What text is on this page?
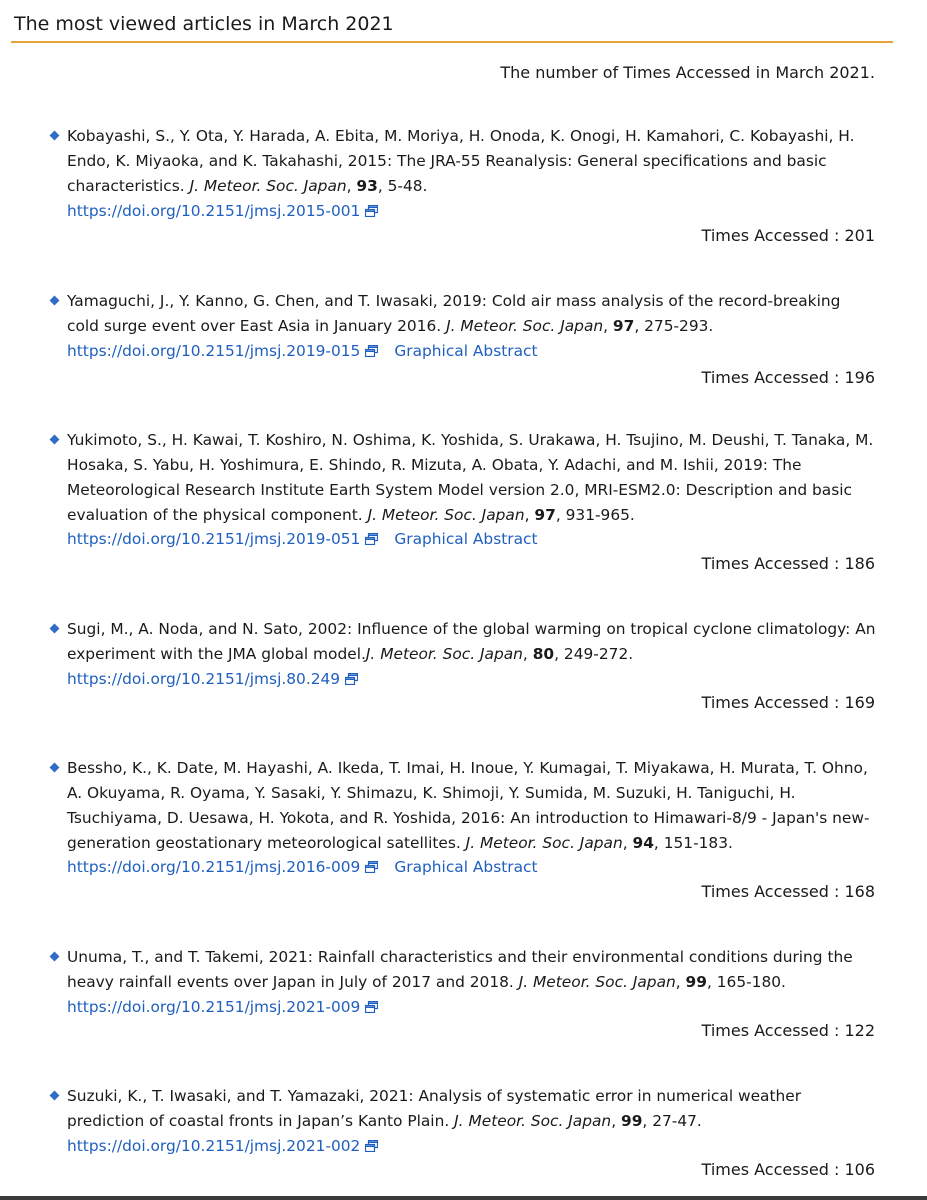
The most viewed articles in March 2021
The number of Times Accessed in March 2021.
Kobayashi, S., Y. Ota, Y. Harada, A. Ebita, M. Moriya, H. Onoda, K. Onogi, H. Kamahori, C. Kobayashi, H. Endo, K. Miyaoka, and K. Takahashi, 2015: The JRA-55 Reanalysis: General specifications and basic characteristics. J. Meteor. Soc. Japan, 93, 5-48.
https://doi.org/10.2151/jmsj.2015-001
Times Accessed : 201
Yamaguchi, J., Y. Kanno, G. Chen, and T. Iwasaki, 2019: Cold air mass analysis of the record-breaking cold surge event over East Asia in January 2016. J. Meteor. Soc. Japan, 97, 275-293.
https://doi.org/10.2151/jmsj.2019-015 Graphical Abstract
Times Accessed : 196
Yukimoto, S., H. Kawai, T. Koshiro, N. Oshima, K. Yoshida, S. Urakawa, H. Tsujino, M. Deushi, T. Tanaka, M. Hosaka, S. Yabu, H. Yoshimura, E. Shindo, R. Mizuta, A. Obata, Y. Adachi, and M. Ishii, 2019: The Meteorological Research Institute Earth System Model version 2.0, MRI-ESM2.0: Description and basic evaluation of the physical component. J. Meteor. Soc. Japan, 97, 931-965.
https://doi.org/10.2151/jmsj.2019-051 Graphical Abstract
Times Accessed : 186
Sugi, M., A. Noda, and N. Sato, 2002: Influence of the global warming on tropical cyclone climatology: An experiment with the JMA global model.J. Meteor. Soc. Japan, 80, 249-272.
https://doi.org/10.2151/jmsj.80.249
Times Accessed : 169
Bessho, K., K. Date, M. Hayashi, A. Ikeda, T. Imai, H. Inoue, Y. Kumagai, T. Miyakawa, H. Murata, T. Ohno, A. Okuyama, R. Oyama, Y. Sasaki, Y. Shimazu, K. Shimoji, Y. Sumida, M. Suzuki, H. Taniguchi, H. Tsuchiyama, D. Uesawa, H. Yokota, and R. Yoshida, 2016: An introduction to Himawari-8/9 - Japan's new-generation geostationary meteorological satellites. J. Meteor. Soc. Japan, 94, 151-183.
https://doi.org/10.2151/jmsj.2016-009 Graphical Abstract
Times Accessed : 168
Unuma, T., and T. Takemi, 2021: Rainfall characteristics and their environmental conditions during the heavy rainfall events over Japan in July of 2017 and 2018. J. Meteor. Soc. Japan, 99, 165-180.
https://doi.org/10.2151/jmsj.2021-009
Times Accessed : 122
Suzuki, K., T. Iwasaki, and T. Yamazaki, 2021: Analysis of systematic error in numerical weather prediction of coastal fronts in Japan’s Kanto Plain. J. Meteor. Soc. Japan, 99, 27-47.
https://doi.org/10.2151/jmsj.2021-002
Times Accessed : 106
